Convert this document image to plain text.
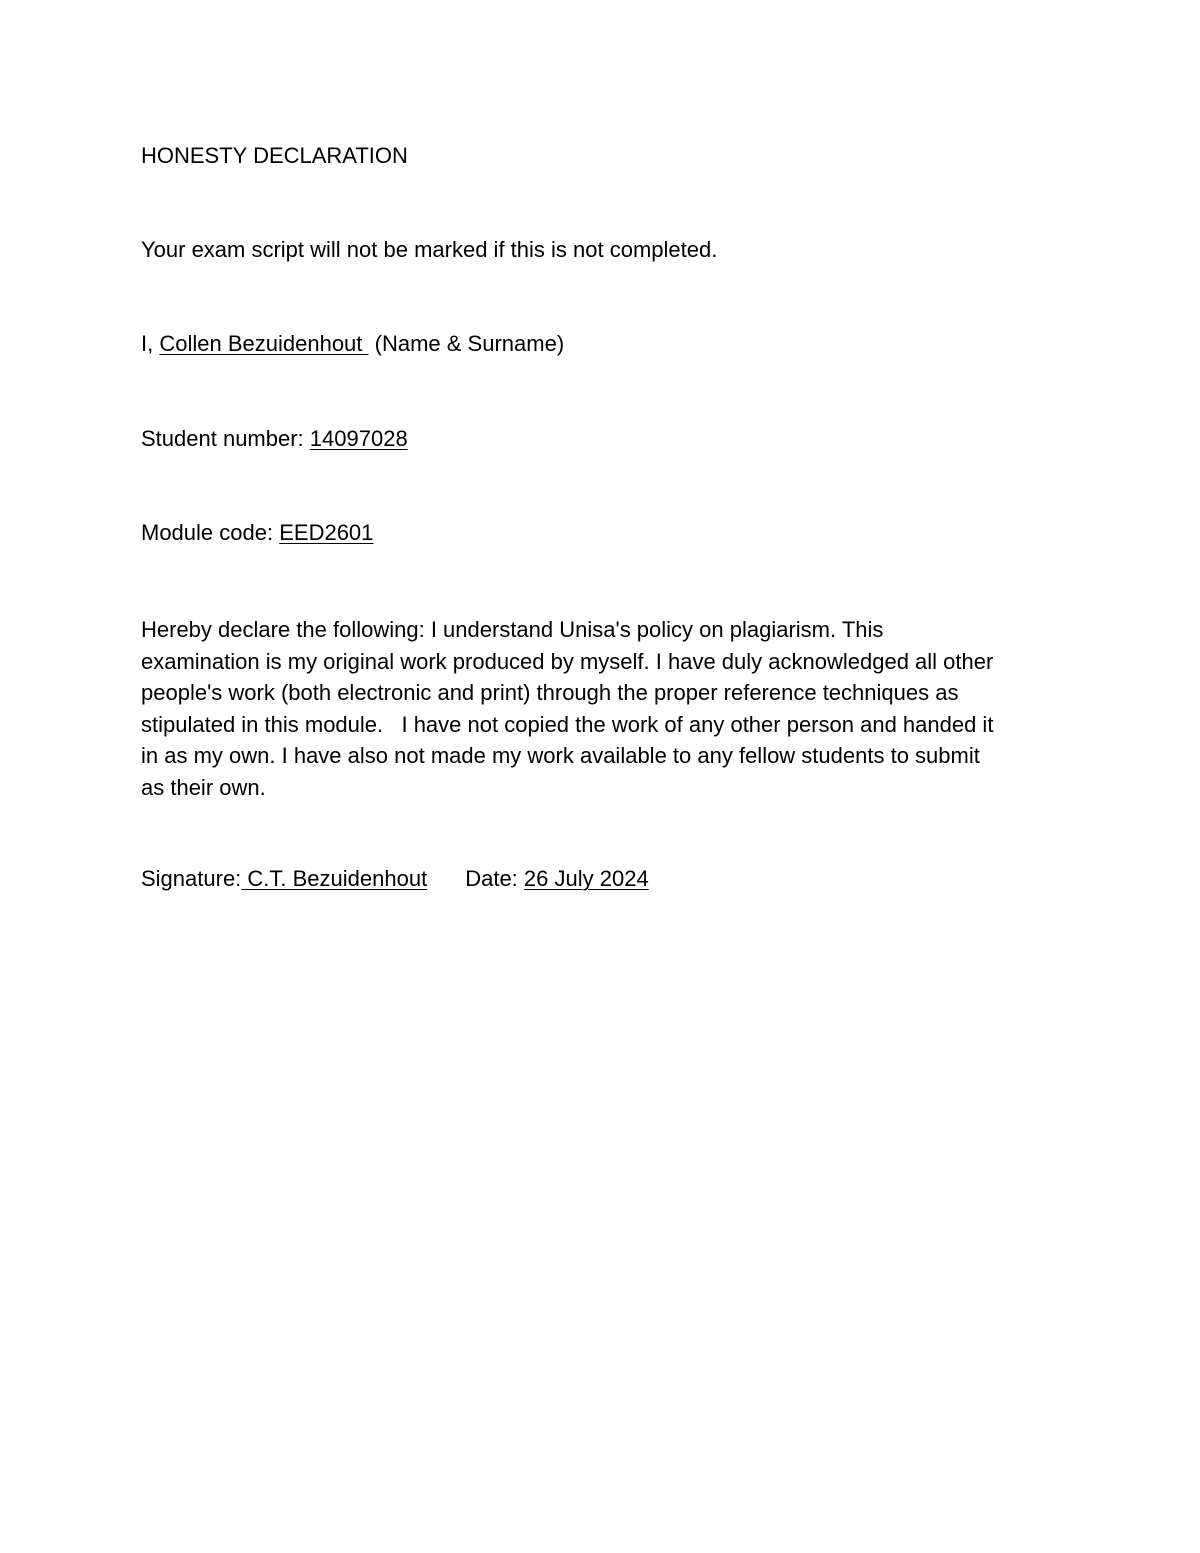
HONESTY DECLARATION
Your exam script will not be marked if this is not completed.
I, Collen Bezuidenhout  (Name & Surname)
Student number: 14097028
Module code: EED2601
Hereby declare the following: I understand Unisa's policy on plagiarism. This
examination is my original work produced by myself. I have duly acknowledged all other
people's work (both electronic and print) through the proper reference techniques as
stipulated in this module.   I have not copied the work of any other person and handed it
in as my own. I have also not made my work available to any fellow students to submit
as their own.
Signature: C.T. Bezuidenhout Date: 26 July 2024
